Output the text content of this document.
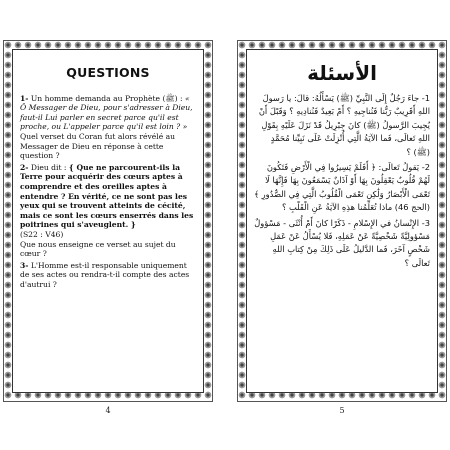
QUESTIONS
1- Un homme demanda au Prophète (ﷺ) : « Ô Messager de Dieu, pour s'adresser à Dieu, faut-il Lui parler en secret parce qu'il est proche, ou L'appeler parce qu'il est loin ? »
Quel verset du Coran fut alors révélé au Messager de Dieu en réponse à cette question ?
2- Dieu dit : { Que ne parcourent-ils la Terre pour acquérir des cœurs aptes à comprendre et des oreilles aptes à entendre ? En vérité, ce ne sont pas les yeux qui se trouvent atteints de cécité, mais ce sont les cœurs enserrés dans les poitrines qui s'aveuglent. }
(S22 : V46)
Que nous enseigne ce verset au sujet du cœur ?
3- L'Homme est-il responsable uniquement de ses actes ou rendra-t-il compte des actes d'autrui ?
4
الأسئلة
1- جاءَ رَجُلٌ إِلَى النَّبِيِّ (ﷺ) يَسْأَلُهُ: قالَ: يا رَسولَ اللهِ أَقَرِيبٌ رَبُّنا فَنُناجِيهِ ؟ أَمْ بَعِيدٌ فَنُنادِيهِ ؟ وَقَبْلَ أَنْ يُجِيبَ الرَّسولُ (ﷺ) كانَ جِبْرِيلُ قَدْ نَزَلَ عَلَيْهِ بِقَوْلِ اللهِ تَعالَى، فَما الآيَةُ الَّتِي أُنْزِلَتْ عَلَى نَبِيِّنا مُحَمَّدٍ (ﷺ) ؟
2- يَقولُ تَعالَى: ﴿ أَفَلَمْ يَسِيرُوا فِي الْأَرْضِ فَتَكُونَ لَهُمْ قُلُوبٌ يَعْقِلُونَ بِهَا أَوْ آذَانٌ يَسْمَعُونَ بِهَا فَإِنَّهَا لَا تَعْمَى الْأَبْصَارُ وَلَٰكِن تَعْمَى الْقُلُوبُ الَّتِي فِي الصُّدُورِ ﴾ (الحج 46) ماذا تُعَلِّمُنا هذِهِ الآيَةُ عَنِ الْقَلْبِ ؟
3- الإِنْسانُ في الإِسْلامِ - ذَكَرًا كانَ أَمْ أُنْثَى - مَسْؤولٌ مَسْؤولِيَّةً شَخْصِيَّةً عَنْ عَمَلِهِ، فَلا يُسْأَلُ عَنْ عَمَلِ شَخْصٍ آخَرَ، فَما الدَّليلُ عَلَى ذَلِكَ مِنْ كِتابِ اللهِ تَعالَى ؟
5
